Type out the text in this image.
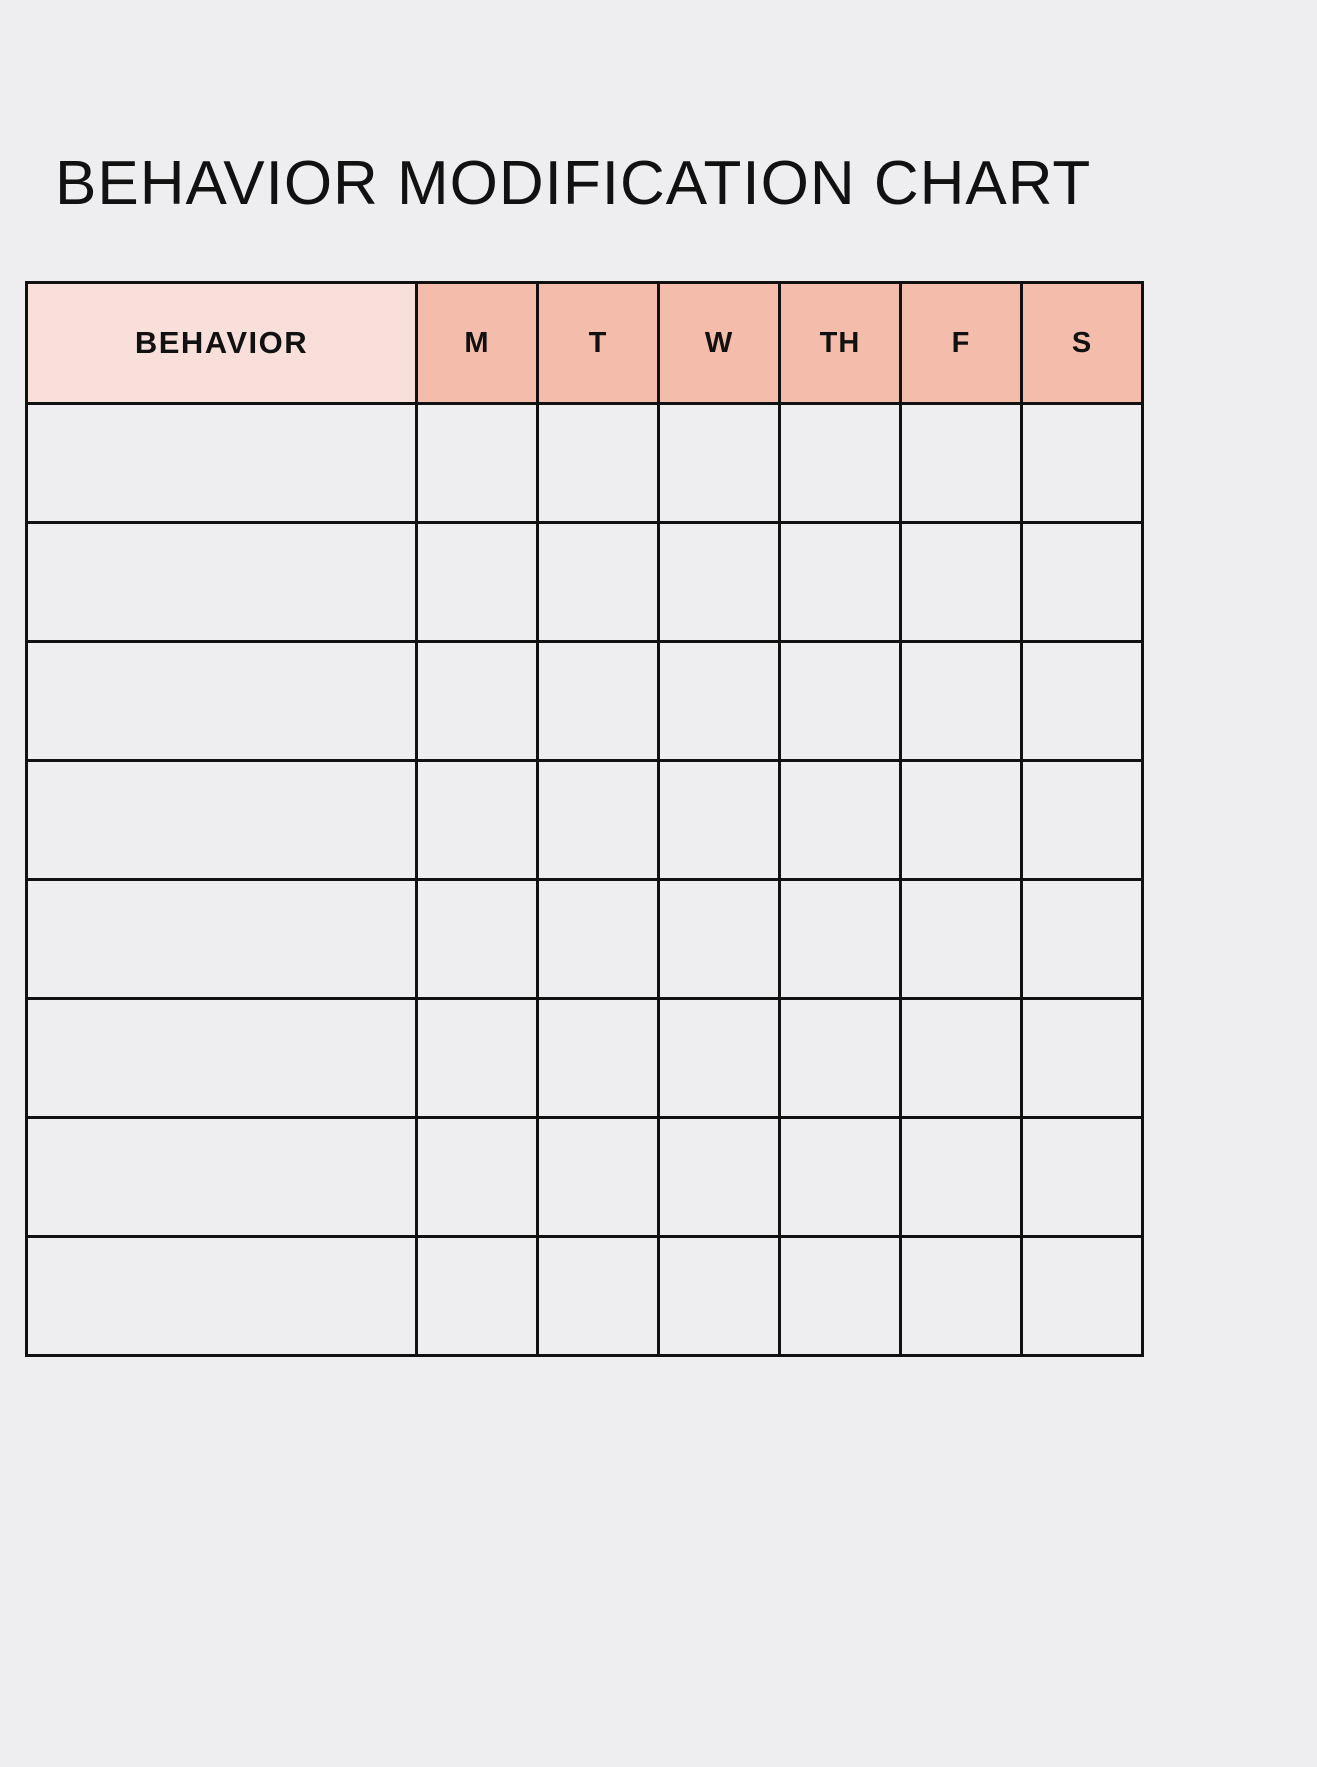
BEHAVIOR MODIFICATION CHART
BEHAVIOR	M	T	W	TH	F	S
